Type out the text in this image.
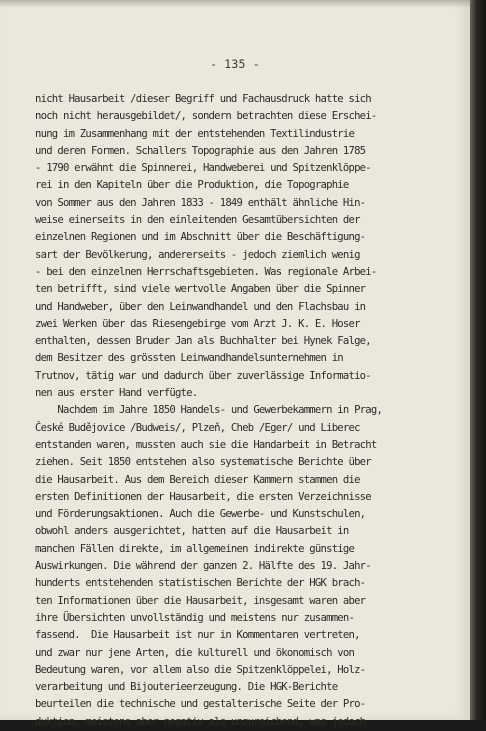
- 135 -
nicht Hausarbeit /dieser Begriff und Fachausdruck hatte sich
noch nicht herausgebildet/, sondern betrachten diese Erschei-
nung im Zusammenhang mit der entstehenden Textilindustrie
und deren Formen. Schallers Topographie aus den Jahren 1785
- 1790 erwähnt die Spinnerei, Handweberei und Spitzenklöppe-
rei in den Kapiteln über die Produktion, die Topographie
von Sommer aus den Jahren 1833 - 1849 enthält ähnliche Hin-
weise einerseits in den einleitenden Gesamtübersichten der
einzelnen Regionen und im Abschnitt über die Beschäftigung-
sart der Bevölkerung, andererseits - jedoch ziemlich wenig
- bei den einzelnen Herrschaftsgebieten. Was regionale Arbei-
ten betrifft, sind viele wertvolle Angaben über die Spinner
und Handweber, über den Leinwandhandel und den Flachsbau in
zwei Werken über das Riesengebirge vom Arzt J. K. E. Hoser
enthalten, dessen Bruder Jan als Buchhalter bei Hynek Falge,
dem Besitzer des grössten Leinwandhandelsunternehmen in
Trutnov, tätig war und dadurch über zuverlässige Informatio-
nen aus erster Hand verfügte.
Nachdem im Jahre 1850 Handels- und Gewerbekammern in Prag,
České Budějovice /Budweis/, Plzeň, Cheb /Eger/ und Liberec
entstanden waren, mussten auch sie die Handarbeit in Betracht
ziehen. Seit 1850 entstehen also systematische Berichte über
die Hausarbeit. Aus dem Bereich dieser Kammern stammen die
ersten Definitionen der Hausarbeit, die ersten Verzeichnisse
und Förderungsaktionen. Auch die Gewerbe- und Kunstschulen,
obwohl anders ausgerichtet, hatten auf die Hausarbeit in
manchen Fällen direkte, im allgemeinen indirekte günstige
Auswirkungen. Die während der ganzen 2. Hälfte des 19. Jahr-
hunderts entstehenden statistischen Berichte der HGK brach-
ten Informationen über die Hausarbeit, insgesamt waren aber
ihre Übersichten unvollständig und meistens nur zusammen-
fassend.  Die Hausarbeit ist nur in Kommentaren vertreten,
und zwar nur jene Arten, die kulturell und ökonomisch von
Bedeutung waren, vor allem also die Spitzenklöppelei, Holz-
verarbeitung und Bijouterieerzeugung. Die HGK-Berichte
beurteilen die technische und gestalterische Seite der Pro-
duktion, meistens aber negativ als unzureichend, was jedoch
